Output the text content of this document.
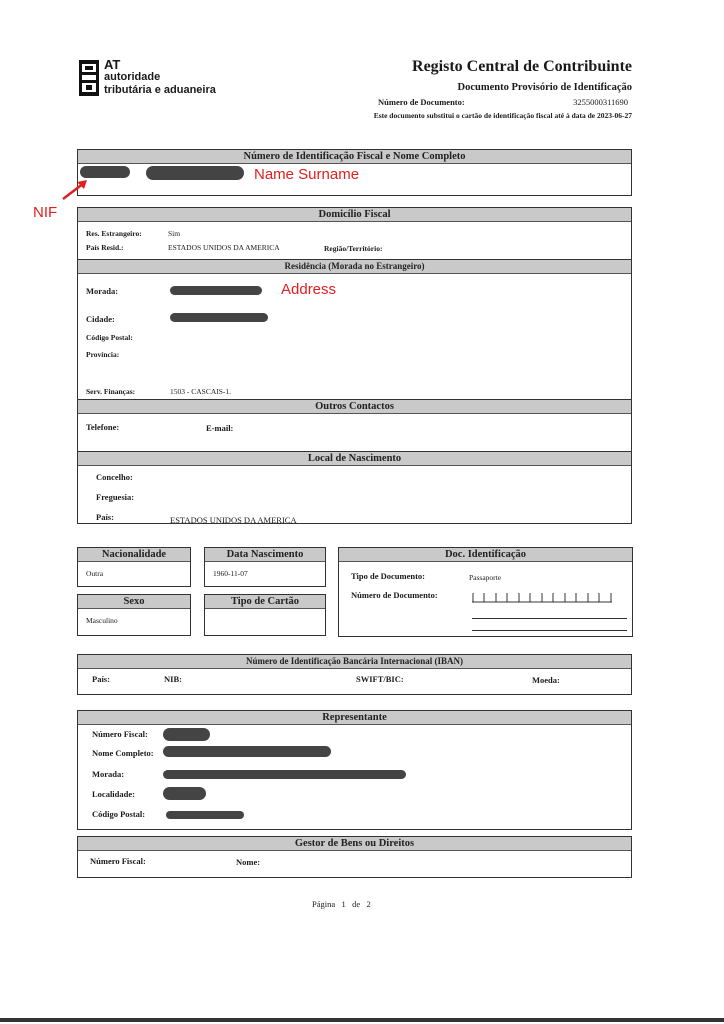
AT
autoridade
tributária e aduaneira
Registo Central de Contribuinte
Documento Provisório de Identificação
Número de Documento:	3255000311690
Este documento substitui o cartão de identificação fiscal até à data de 2023-06-27
Número de Identificação Fiscal e Nome Completo
Name Surname
NIF	Domicílio Fiscal
Res. Estrangeiro:	Sim
País Resid.:	ESTADOS UNIDOS DA AMERICA	Região/Território:
Residência (Morada no Estrangeiro)
Morada:	Address
Cidade:
Código Postal:
Província:
Serv. Finanças:	1503 - CASCAIS-1.
Outros Contactos
Telefone:	E-mail:
Local de Nascimento
Concelho:
Freguesia:
País:	ESTADOS UNIDOS DA AMERICA
Nacionalidade
Outra
Data Nascimento
1960-11-07
Sexo
Masculino
Tipo de Cartão
Doc. Identificação
Tipo de Documento:	Passaporte
Número de Documento:
Número de Identificação Bancária Internacional (IBAN)
País:	NIB:	SWIFT/BIC:	Moeda:
Representante
Número Fiscal:
Nome Completo:
Morada:
Localidade:
Código Postal:
Gestor de Bens ou Direitos
Número Fiscal:	Nome:
Página 1 de 2
